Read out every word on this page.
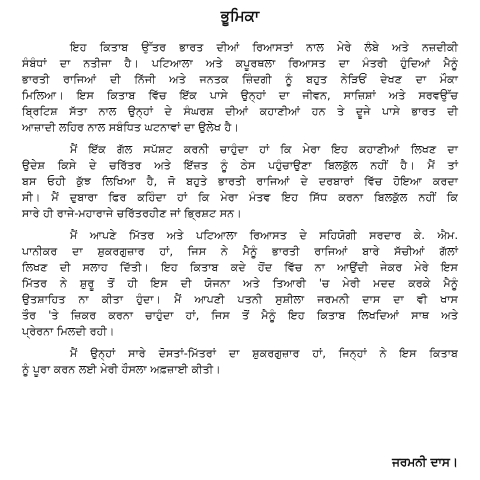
ਭੂਮਿਕਾ
ਇਹ ਕਿਤਾਬ ਉੱਤਰ ਭਾਰਤ ਦੀਆਂ ਰਿਆਸਤਾਂ ਨਾਲ ਮੇਰੇ ਲੰਬੇ ਅਤੇ ਨਜ਼ਦੀਕੀ
ਸੰਬੰਧਾਂ ਦਾ ਨਤੀਜਾ ਹੈ। ਪਟਿਆਲਾ ਅਤੇ ਕਪੂਰਥਲਾ ਰਿਆਸਤ ਦਾ ਮੰਤਰੀ ਹੁੰਦਿਆਂ ਮੈਨੂੰ
ਭਾਰਤੀ ਰਾਜਿਆਂ ਦੀ ਨਿੱਜੀ ਅਤੇ ਜਨਤਕ ਜ਼ਿੰਦਗੀ ਨੂੰ ਬਹੁਤ ਨੇੜਿਓਂ ਦੇਖਣ ਦਾ ਮੌਕਾ
ਮਿਲਿਆ। ਇਸ ਕਿਤਾਬ ਵਿੱਚ ਇੱਕ ਪਾਸੇ ਉਨ੍ਹਾਂ ਦਾ ਜੀਵਨ, ਸਾਜ਼ਿਸ਼ਾਂ ਅਤੇ ਸਰਵਉੱਚ
ਬ੍ਰਿਟਿਸ਼ ਸੱਤਾ ਨਾਲ ਉਨ੍ਹਾਂ ਦੇ ਸੰਘਰਸ਼ ਦੀਆਂ ਕਹਾਣੀਆਂ ਹਨ ਤੇ ਦੂਜੇ ਪਾਸੇ ਭਾਰਤ ਦੀ
ਆਜ਼ਾਦੀ ਲਹਿਰ ਨਾਲ ਸਬੰਧਿਤ ਘਟਨਾਵਾਂ ਦਾ ਉਲੇਖ ਹੈ।
ਮੈਂ ਇੱਕ ਗੱਲ ਸਪੱਸ਼ਟ ਕਰਨੀ ਚਾਹੁੰਦਾ ਹਾਂ ਕਿ ਮੇਰਾ ਇਹ ਕਹਾਣੀਆਂ ਲਿਖਣ ਦਾ
ਉਦੇਸ਼ ਕਿਸੇ ਦੇ ਚਰਿੱਤਰ ਅਤੇ ਇੱਜ਼ਤ ਨੂੰ ਠੇਸ ਪਹੁੰਚਾਉਣਾ ਬਿਲਕੁੱਲ ਨਹੀਂ ਹੈ। ਮੈਂ ਤਾਂ
ਬਸ ਓਹੀ ਕੁੱਝ ਲਿਖਿਆ ਹੈ, ਜੋ ਬਹੁਤੇ ਭਾਰਤੀ ਰਾਜਿਆਂ ਦੇ ਦਰਬਾਰਾਂ ਵਿੱਚ ਹੋਇਆ ਕਰਦਾ
ਸੀ। ਮੈਂ ਦੁਬਾਰਾ ਫਿਰ ਕਹਿੰਦਾ ਹਾਂ ਕਿ ਮੇਰਾ ਮੰਤਵ ਇਹ ਸਿੱਧ ਕਰਨਾ ਬਿਲਕੁੱਲ ਨਹੀਂ ਕਿ
ਸਾਰੇ ਹੀ ਰਾਜੇ-ਮਹਾਰਾਜੇ ਚਰਿੱਤਰਹੀਣ ਜਾਂ ਭ੍ਰਿਸ਼ਟ ਸਨ।
ਮੈਂ ਆਪਣੇ ਮਿੱਤਰ ਅਤੇ ਪਟਿਆਲਾ ਰਿਆਸਤ ਦੇ ਸਹਿਯੋਗੀ ਸਰਦਾਰ ਕੇ. ਐਮ.
ਪਾਨੀਕਰ ਦਾ ਸ਼ੁਕਰਗੁਜ਼ਾਰ ਹਾਂ, ਜਿਸ ਨੇ ਮੈਨੂੰ ਭਾਰਤੀ ਰਾਜਿਆਂ ਬਾਰੇ ਸੱਚੀਆਂ ਗੱਲਾਂ
ਲਿਖਣ ਦੀ ਸਲਾਹ ਦਿੱਤੀ। ਇਹ ਕਿਤਾਬ ਕਦੇ ਹੋਂਦ ਵਿੱਚ ਨਾ ਆਉਂਦੀ ਜੇਕਰ ਮੇਰੇ ਇਸ
ਮਿੱਤਰ ਨੇ ਸ਼ੁਰੂ ਤੋਂ ਹੀ ਇਸ ਦੀ ਯੋਜਨਾ ਅਤੇ ਤਿਆਰੀ 'ਚ ਮੇਰੀ ਮਦਦ ਕਰਕੇ ਮੈਨੂੰ
ਉਤਸ਼ਾਹਿਤ ਨਾ ਕੀਤਾ ਹੁੰਦਾ। ਮੈਂ ਆਪਣੀ ਪਤਨੀ ਸੁਸ਼ੀਲਾ ਜਰਮਨੀ ਦਾਸ ਦਾ ਵੀ ਖਾਸ
ਤੌਰ 'ਤੇ ਜ਼ਿਕਰ ਕਰਨਾ ਚਾਹੁੰਦਾ ਹਾਂ, ਜਿਸ ਤੋਂ ਮੈਨੂੰ ਇਹ ਕਿਤਾਬ ਲਿਖਦਿਆਂ ਸਾਥ ਅਤੇ
ਪ੍ਰੇਰਨਾ ਮਿਲਦੀ ਰਹੀ।
ਮੈਂ ਉਨ੍ਹਾਂ ਸਾਰੇ ਦੋਸਤਾਂ-ਮਿੱਤਰਾਂ ਦਾ ਸ਼ੁਕਰਗੁਜ਼ਾਰ ਹਾਂ, ਜਿਨ੍ਹਾਂ ਨੇ ਇਸ ਕਿਤਾਬ
ਨੂੰ ਪੂਰਾ ਕਰਨ ਲਈ ਮੇਰੀ ਹੌਸਲਾ ਅਫ਼ਜ਼ਾਈ ਕੀਤੀ।
ਜਰਮਨੀ ਦਾਸ।
